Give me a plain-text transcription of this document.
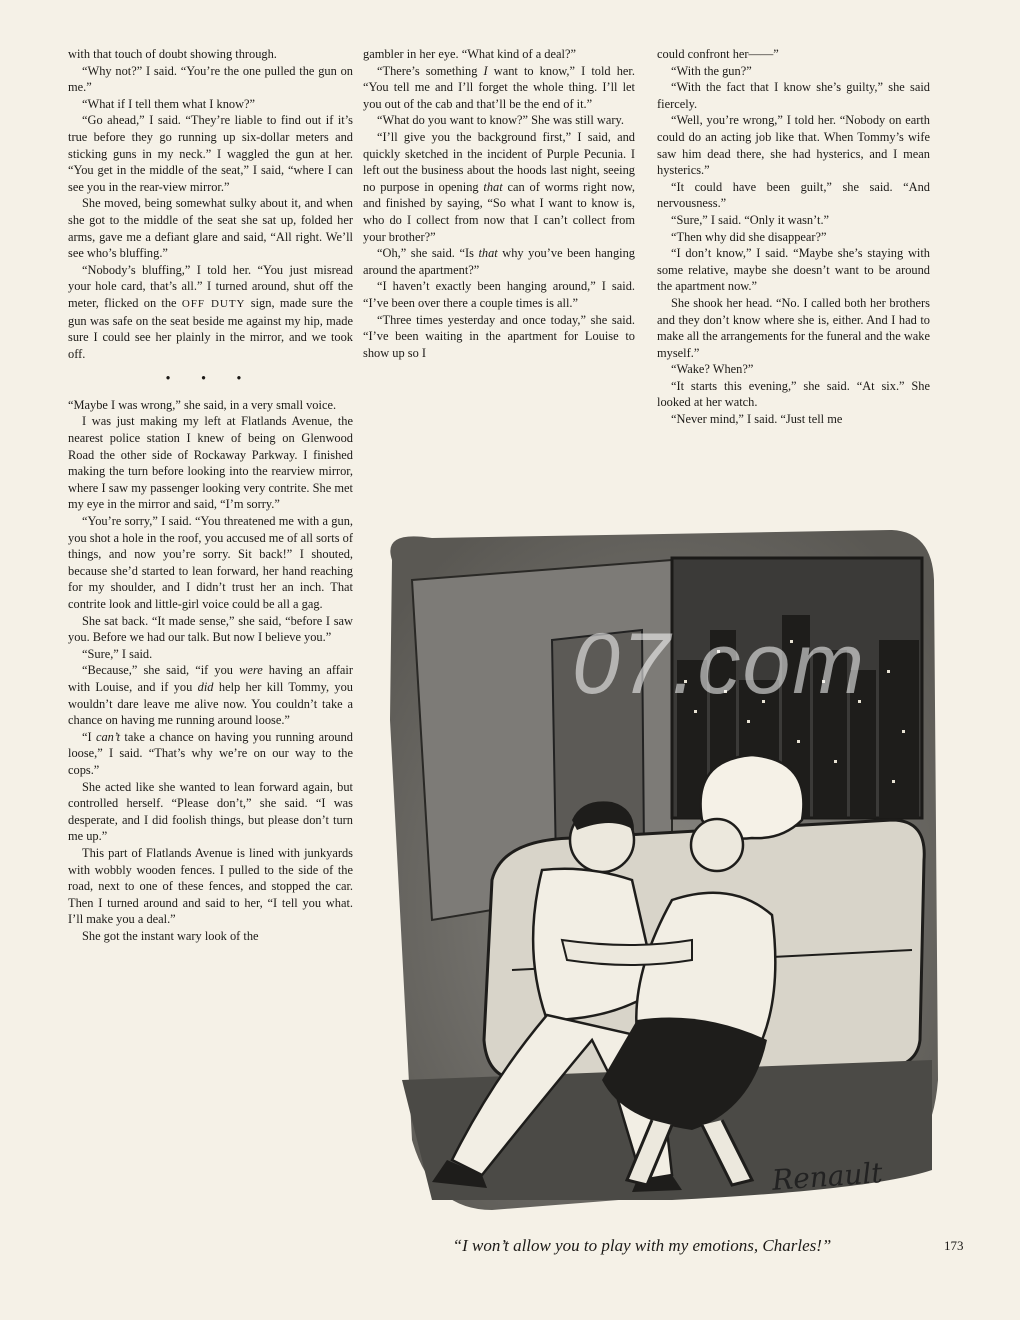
with that touch of doubt showing through.

“Why not?” I said. “You’re the one pulled the gun on me.”

“What if I tell them what I know?”

“Go ahead,” I said. “They’re liable to find out if it’s true before they go running up six-dollar meters and sticking guns in my neck.” I waggled the gun at her. “You get in the middle of the seat,” I said, “where I can see you in the rear-view mirror.”

She moved, being somewhat sulky about it, and when she got to the middle of the seat she sat up, folded her arms, gave me a defiant glare and said, “All right. We’ll see who’s bluffing.”

“Nobody’s bluffing,” I told her. “You just misread your hole card, that’s all.” I turned around, shut off the meter, flicked on the OFF DUTY sign, made sure the gun was safe on the seat beside me against my hip, made sure I could see her plainly in the mirror, and we took off.

• • •

“Maybe I was wrong,” she said, in a very small voice.

I was just making my left at Flatlands Avenue, the nearest police station I knew of being on Glenwood Road the other side of Rockaway Parkway. I finished making the turn before looking into the rearview mirror, where I saw my passenger looking very contrite. She met my eye in the mirror and said, “I’m sorry.”

“You’re sorry,” I said. “You threatened me with a gun, you shot a hole in the roof, you accused me of all sorts of things, and now you’re sorry. Sit back!” I shouted, because she’d started to lean forward, her hand reaching for my shoulder, and I didn’t trust her an inch. That contrite look and little-girl voice could be all a gag.

She sat back. “It made sense,” she said, “before I saw you. Before we had our talk. But now I believe you.”

“Sure,” I said.

“Because,” she said, “if you were having an affair with Louise, and if you did help her kill Tommy, you wouldn’t dare leave me alive now. You couldn’t take a chance on having me running around loose.”

“I can’t take a chance on having you running around loose,” I said. “That’s why we’re on our way to the cops.”

She acted like she wanted to lean forward again, but controlled herself. “Please don’t,” she said. “I was desperate, and I did foolish things, but please don’t turn me up.”

This part of Flatlands Avenue is lined with junkyards with wobbly wooden fences. I pulled to the side of the road, next to one of these fences, and stopped the car. Then I turned around and said to her, “I tell you what. I’ll make you a deal.”

She got the instant wary look of the

gambler in her eye. “What kind of a deal?”

“There’s something I want to know,” I told her. “You tell me and I’ll forget the whole thing. I’ll let you out of the cab and that’ll be the end of it.”

“What do you want to know?” She was still wary.

“I’ll give you the background first,” I said, and quickly sketched in the incident of Purple Pecunia. I left out the business about the hoods last night, seeing no purpose in opening that can of worms right now, and finished by saying, “So what I want to know is, who do I collect from now that I can’t collect from your brother?”

“Oh,” she said. “Is that why you’ve been hanging around the apartment?”

“I haven’t exactly been hanging around,” I said. “I’ve been over there a couple times is all.”

“Three times yesterday and once today,” she said. “I’ve been waiting in the apartment for Louise to show up so I

could confront her——”

“With the gun?”

“With the fact that I know she’s guilty,” she said fiercely.

“Well, you’re wrong,” I told her. “Nobody on earth could do an acting job like that. When Tommy’s wife saw him dead there, she had hysterics, and I mean hysterics.”

“It could have been guilt,” she said. “And nervousness.”

“Sure,” I said. “Only it wasn’t.”

“Then why did she disappear?”

“I don’t know,” I said. “Maybe she’s staying with some relative, maybe she doesn’t want to be around the apartment now.”

She shook her head. “No. I called both her brothers and they don’t know where she is, either. And I had to make all the arrangements for the funeral and the wake myself.”

“Wake? When?”

“It starts this evening,” she said. “At six.” She looked at her watch.

“Never mind,” I said. “Just tell me

07.com
Renault
“I won’t allow you to play with my emotions, Charles!”	173
